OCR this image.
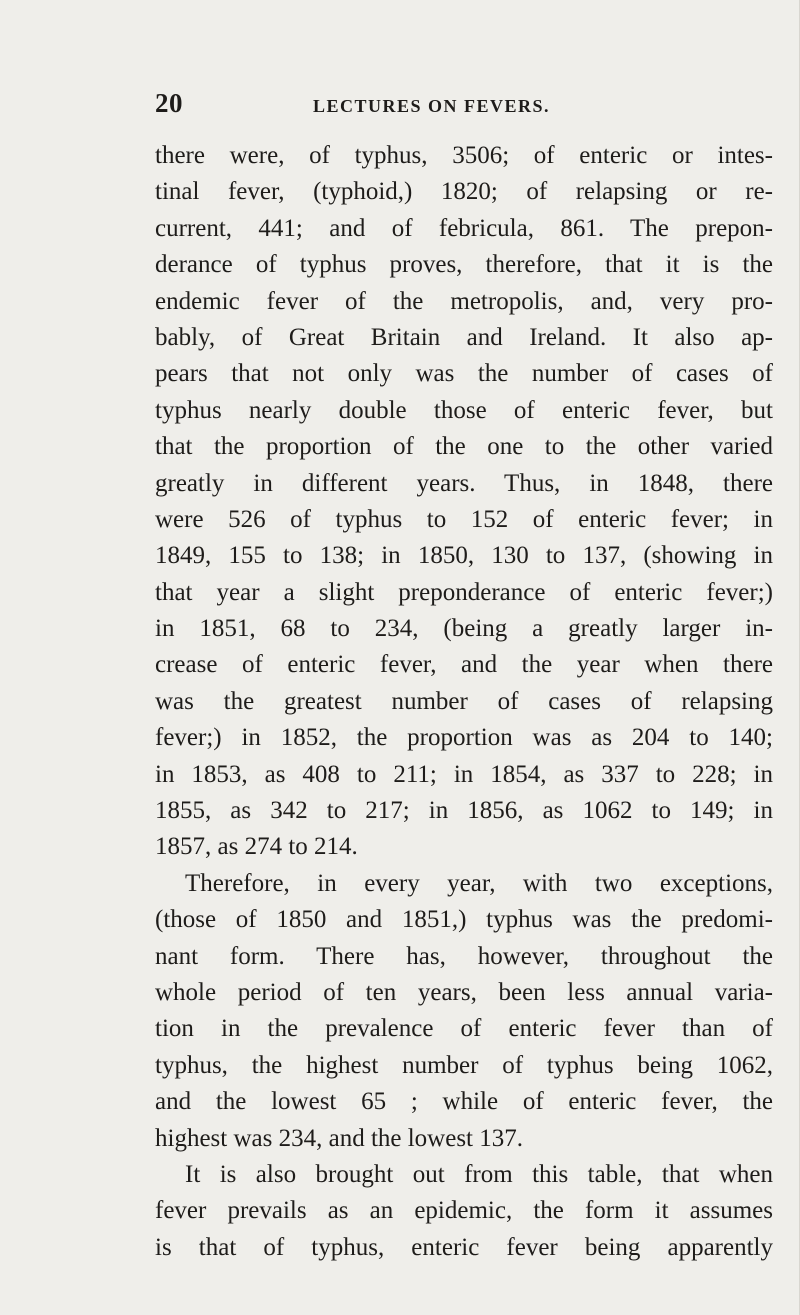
20	LECTURES ON FEVERS.
there were, of typhus, 3506; of enteric or intes-
tinal fever, (typhoid,) 1820; of relapsing or re-
current, 441; and of febricula, 861. The prepon-
derance of typhus proves, therefore, that it is the
endemic fever of the metropolis, and, very pro-
bably, of Great Britain and Ireland. It also ap-
pears that not only was the number of cases of
typhus nearly double those of enteric fever, but
that the proportion of the one to the other varied
greatly in different years. Thus, in 1848, there
were 526 of typhus to 152 of enteric fever; in
1849, 155 to 138; in 1850, 130 to 137, (showing in
that year a slight preponderance of enteric fever;)
in 1851, 68 to 234, (being a greatly larger in-
crease of enteric fever, and the year when there
was the greatest number of cases of relapsing
fever;) in 1852, the proportion was as 204 to 140;
in 1853, as 408 to 211; in 1854, as 337 to 228; in
1855, as 342 to 217; in 1856, as 1062 to 149; in
1857, as 274 to 214.
Therefore, in every year, with two exceptions,
(those of 1850 and 1851,) typhus was the predomi-
nant form. There has, however, throughout the
whole period of ten years, been less annual varia-
tion in the prevalence of enteric fever than of
typhus, the highest number of typhus being 1062,
and the lowest 65 ; while of enteric fever, the
highest was 234, and the lowest 137.
It is also brought out from this table, that when
fever prevails as an epidemic, the form it assumes
is that of typhus, enteric fever being apparently
